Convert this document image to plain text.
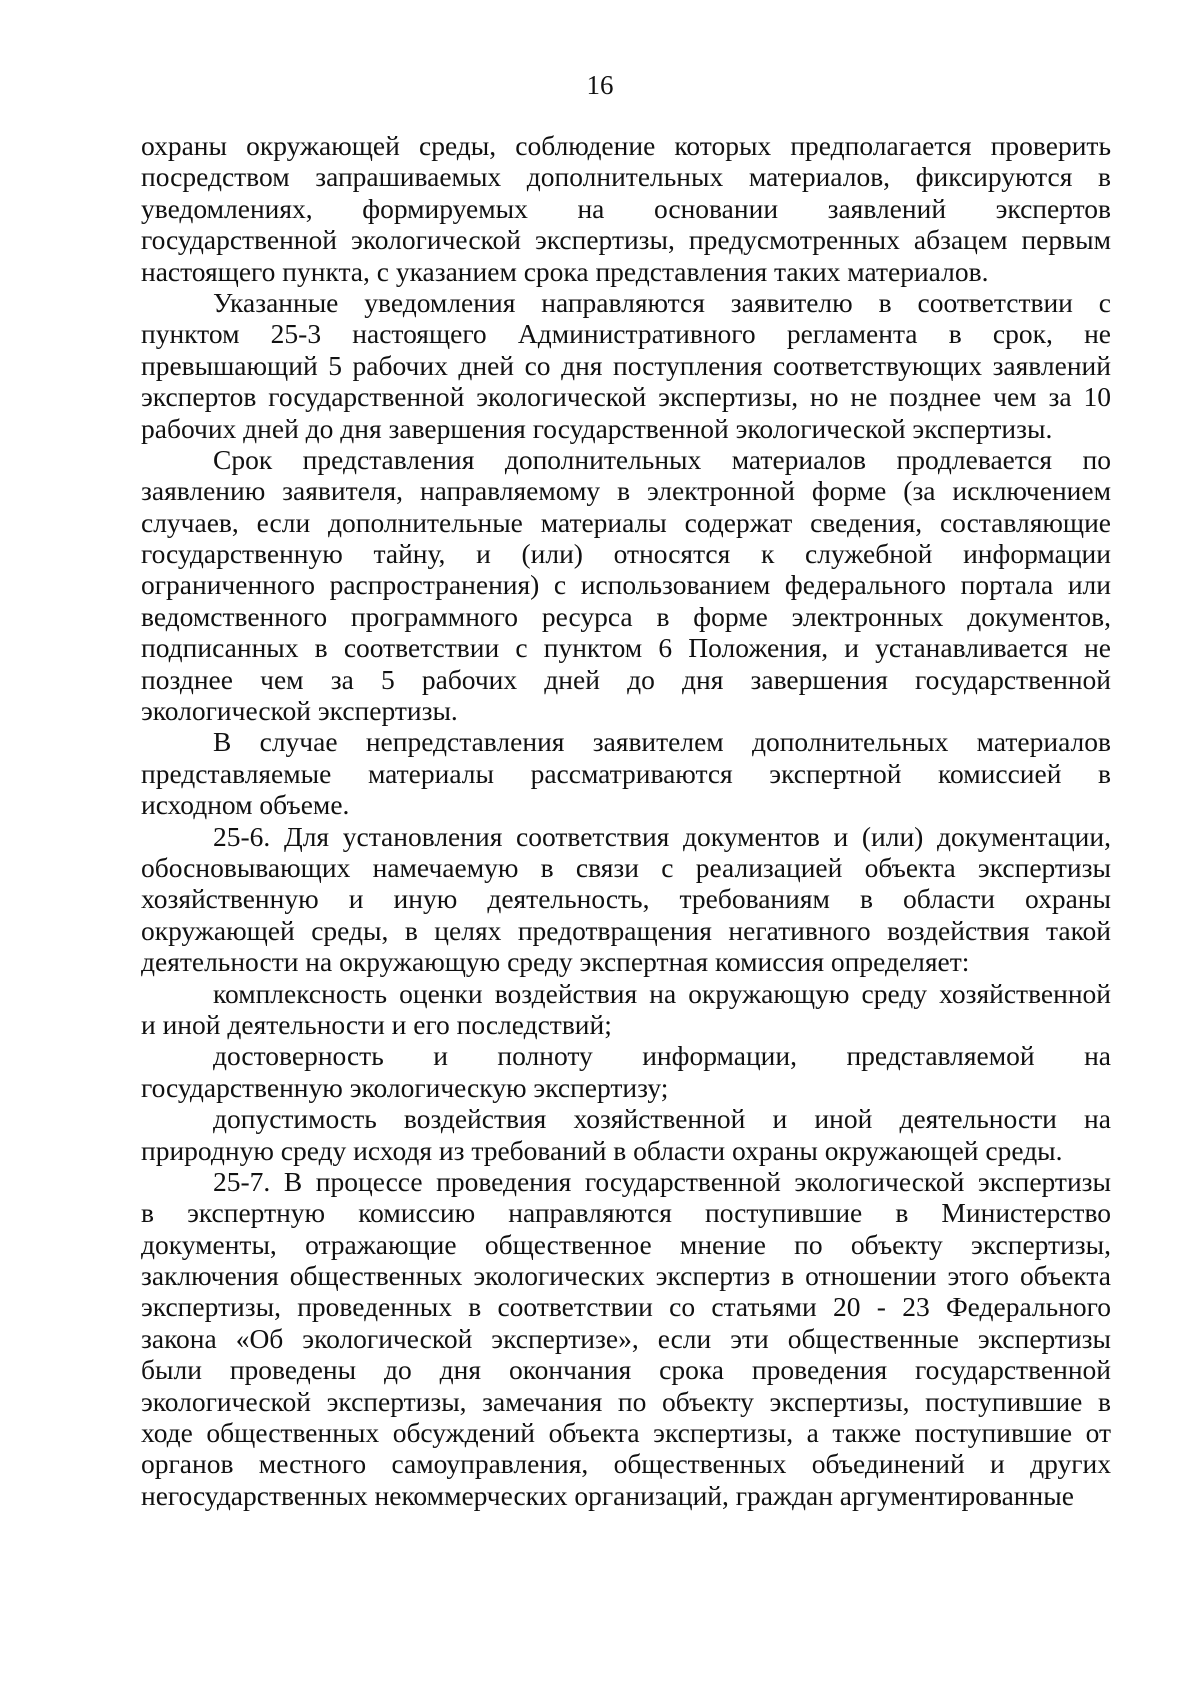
16
охраны окружающей среды, соблюдение которых предполагается проверить
посредством запрашиваемых дополнительных материалов, фиксируются в
уведомлениях, формируемых на основании заявлений экспертов
государственной экологической экспертизы, предусмотренных абзацем первым
настоящего пункта, с указанием срока представления таких материалов.
Указанные уведомления направляются заявителю в соответствии с
пунктом 25-3 настоящего Административного регламента в срок, не
превышающий 5 рабочих дней со дня поступления соответствующих заявлений
экспертов государственной экологической экспертизы, но не позднее чем за 10
рабочих дней до дня завершения государственной экологической экспертизы.
Срок представления дополнительных материалов продлевается по
заявлению заявителя, направляемому в электронной форме (за исключением
случаев, если дополнительные материалы содержат сведения, составляющие
государственную тайну, и (или) относятся к служебной информации
ограниченного распространения) с использованием федерального портала или
ведомственного программного ресурса в форме электронных документов,
подписанных в соответствии с пунктом 6 Положения, и устанавливается не
позднее чем за 5 рабочих дней до дня завершения государственной
экологической экспертизы.
В случае непредставления заявителем дополнительных материалов
представляемые материалы рассматриваются экспертной комиссией в
исходном объеме.
25-6. Для установления соответствия документов и (или) документации,
обосновывающих намечаемую в связи с реализацией объекта экспертизы
хозяйственную и иную деятельность, требованиям в области охраны
окружающей среды, в целях предотвращения негативного воздействия такой
деятельности на окружающую среду экспертная комиссия определяет:
комплексность оценки воздействия на окружающую среду хозяйственной
и иной деятельности и его последствий;
достоверность и полноту информации, представляемой на
государственную экологическую экспертизу;
допустимость воздействия хозяйственной и иной деятельности на
природную среду исходя из требований в области охраны окружающей среды.
25-7. В процессе проведения государственной экологической экспертизы
в экспертную комиссию направляются поступившие в Министерство
документы, отражающие общественное мнение по объекту экспертизы,
заключения общественных экологических экспертиз в отношении этого объекта
экспертизы, проведенных в соответствии со статьями 20 - 23 Федерального
закона «Об экологической экспертизе», если эти общественные экспертизы
были проведены до дня окончания срока проведения государственной
экологической экспертизы, замечания по объекту экспертизы, поступившие в
ходе общественных обсуждений объекта экспертизы, а также поступившие от
органов местного самоуправления, общественных объединений и других
негосударственных некоммерческих организаций, граждан аргументированные
